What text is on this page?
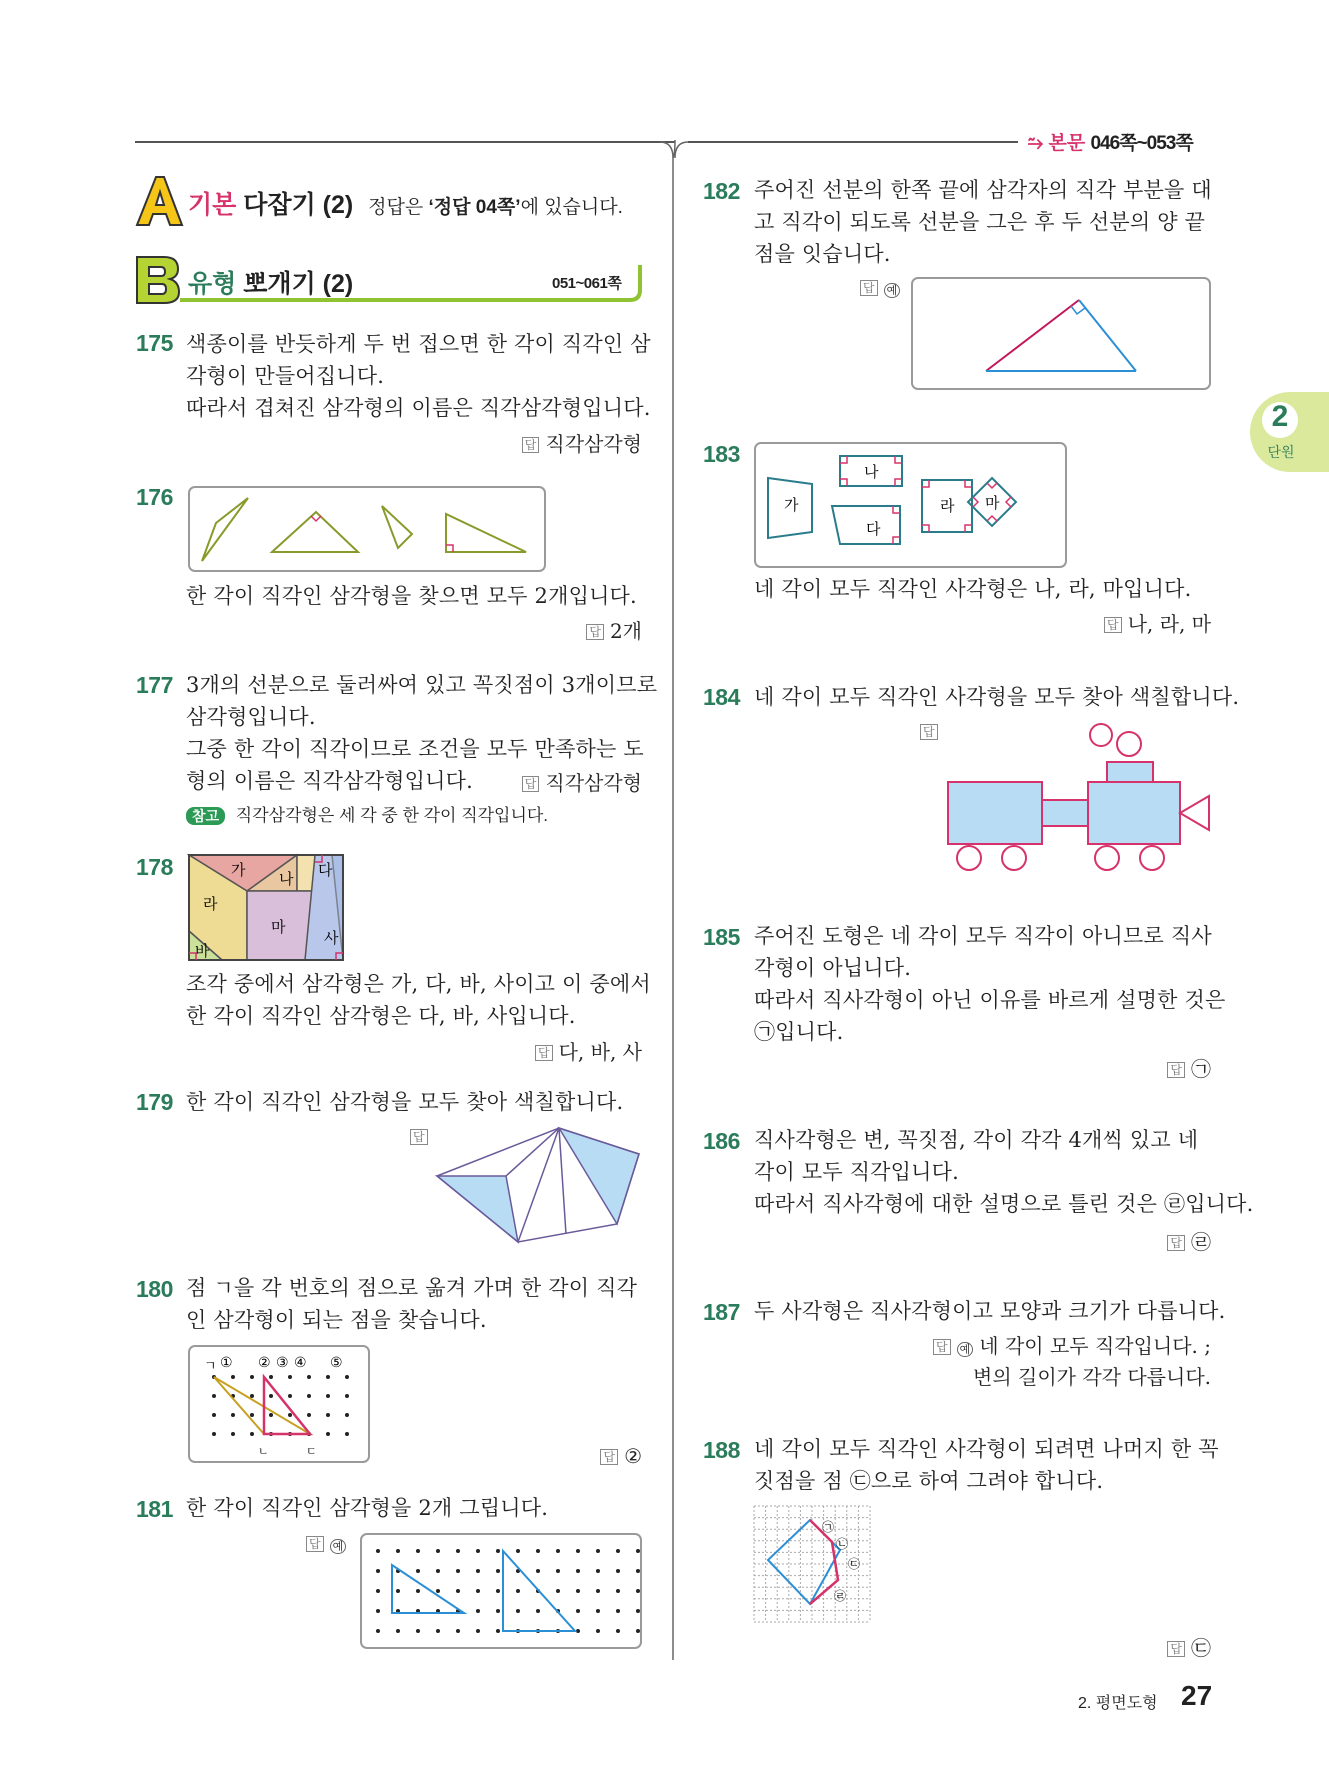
⥲ 본문 046쪽~053쪽
2
단원
기본 다잡기 (2) 정답은 ‘정답 04쪽’에 있습니다.
유형 뽀개기 (2)	051~061쪽
175 색종이를 반듯하게 두 번 접으면 한 각이 직각인 삼
각형이 만들어집니다.
따라서 겹쳐진 삼각형의 이름은 직각삼각형입니다.
답 직각삼각형
176
한 각이 직각인 삼각형을 찾으면 모두 2개입니다.
답 2개
177 3개의 선분으로 둘러싸여 있고 꼭짓점이 3개이므로
삼각형입니다.
그중 한 각이 직각이므로 조건을 모두 만족하는 도
형의 이름은 직각삼각형입니다.	답 직각삼각형
참고 직각삼각형은 세 각 중 한 각이 직각입니다.
178	가 나 다
라
마
바
사
조각 중에서 삼각형은 가, 다, 바, 사이고 이 중에서
한 각이 직각인 삼각형은 다, 바, 사입니다.
답 다, 바, 사
179 한 각이 직각인 삼각형을 모두 찾아 색칠합니다.
답
180 점 ㄱ을 각 번호의 점으로 옮겨 가며 한 각이 직각
인 삼각형이 되는 점을 찾습니다.
ㄱ ① ② ③ ④ ⑤
ㄴ	ㄷ	답 ②
181 한 각이 직각인 삼각형을 2개 그립니다.
답 예
182 주어진 선분의 한쪽 끝에 삼각자의 직각 부분을 대
고 직각이 되도록 선분을 그은 후 두 선분의 양 끝
점을 잇습니다.
답 예
183
가
나
다
라 마
네 각이 모두 직각인 사각형은 나, 라, 마입니다.
답 나, 라, 마
184 네 각이 모두 직각인 사각형을 모두 찾아 색칠합니다.
답
185 주어진 도형은 네 각이 모두 직각이 아니므로 직사
각형이 아닙니다.
따라서 직사각형이 아닌 이유를 바르게 설명한 것은
㉠입니다.
답 ㉠
186 직사각형은 변, 꼭짓점, 각이 각각 4개씩 있고 네
각이 모두 직각입니다.
따라서 직사각형에 대한 설명으로 틀린 것은 ㉣입니다.
답 ㉣
187 두 사각형은 직사각형이고 모양과 크기가 다릅니다.
답 예 네 각이 모두 직각입니다. ;
변의 길이가 각각 다릅니다.
188 네 각이 모두 직각인 사각형이 되려면 나머지 한 꼭
짓점을 점 ㉢으로 하여 그려야 합니다.
㉠
㉡
㉢
㉣
답 ㉢
2. 평면도형 27
